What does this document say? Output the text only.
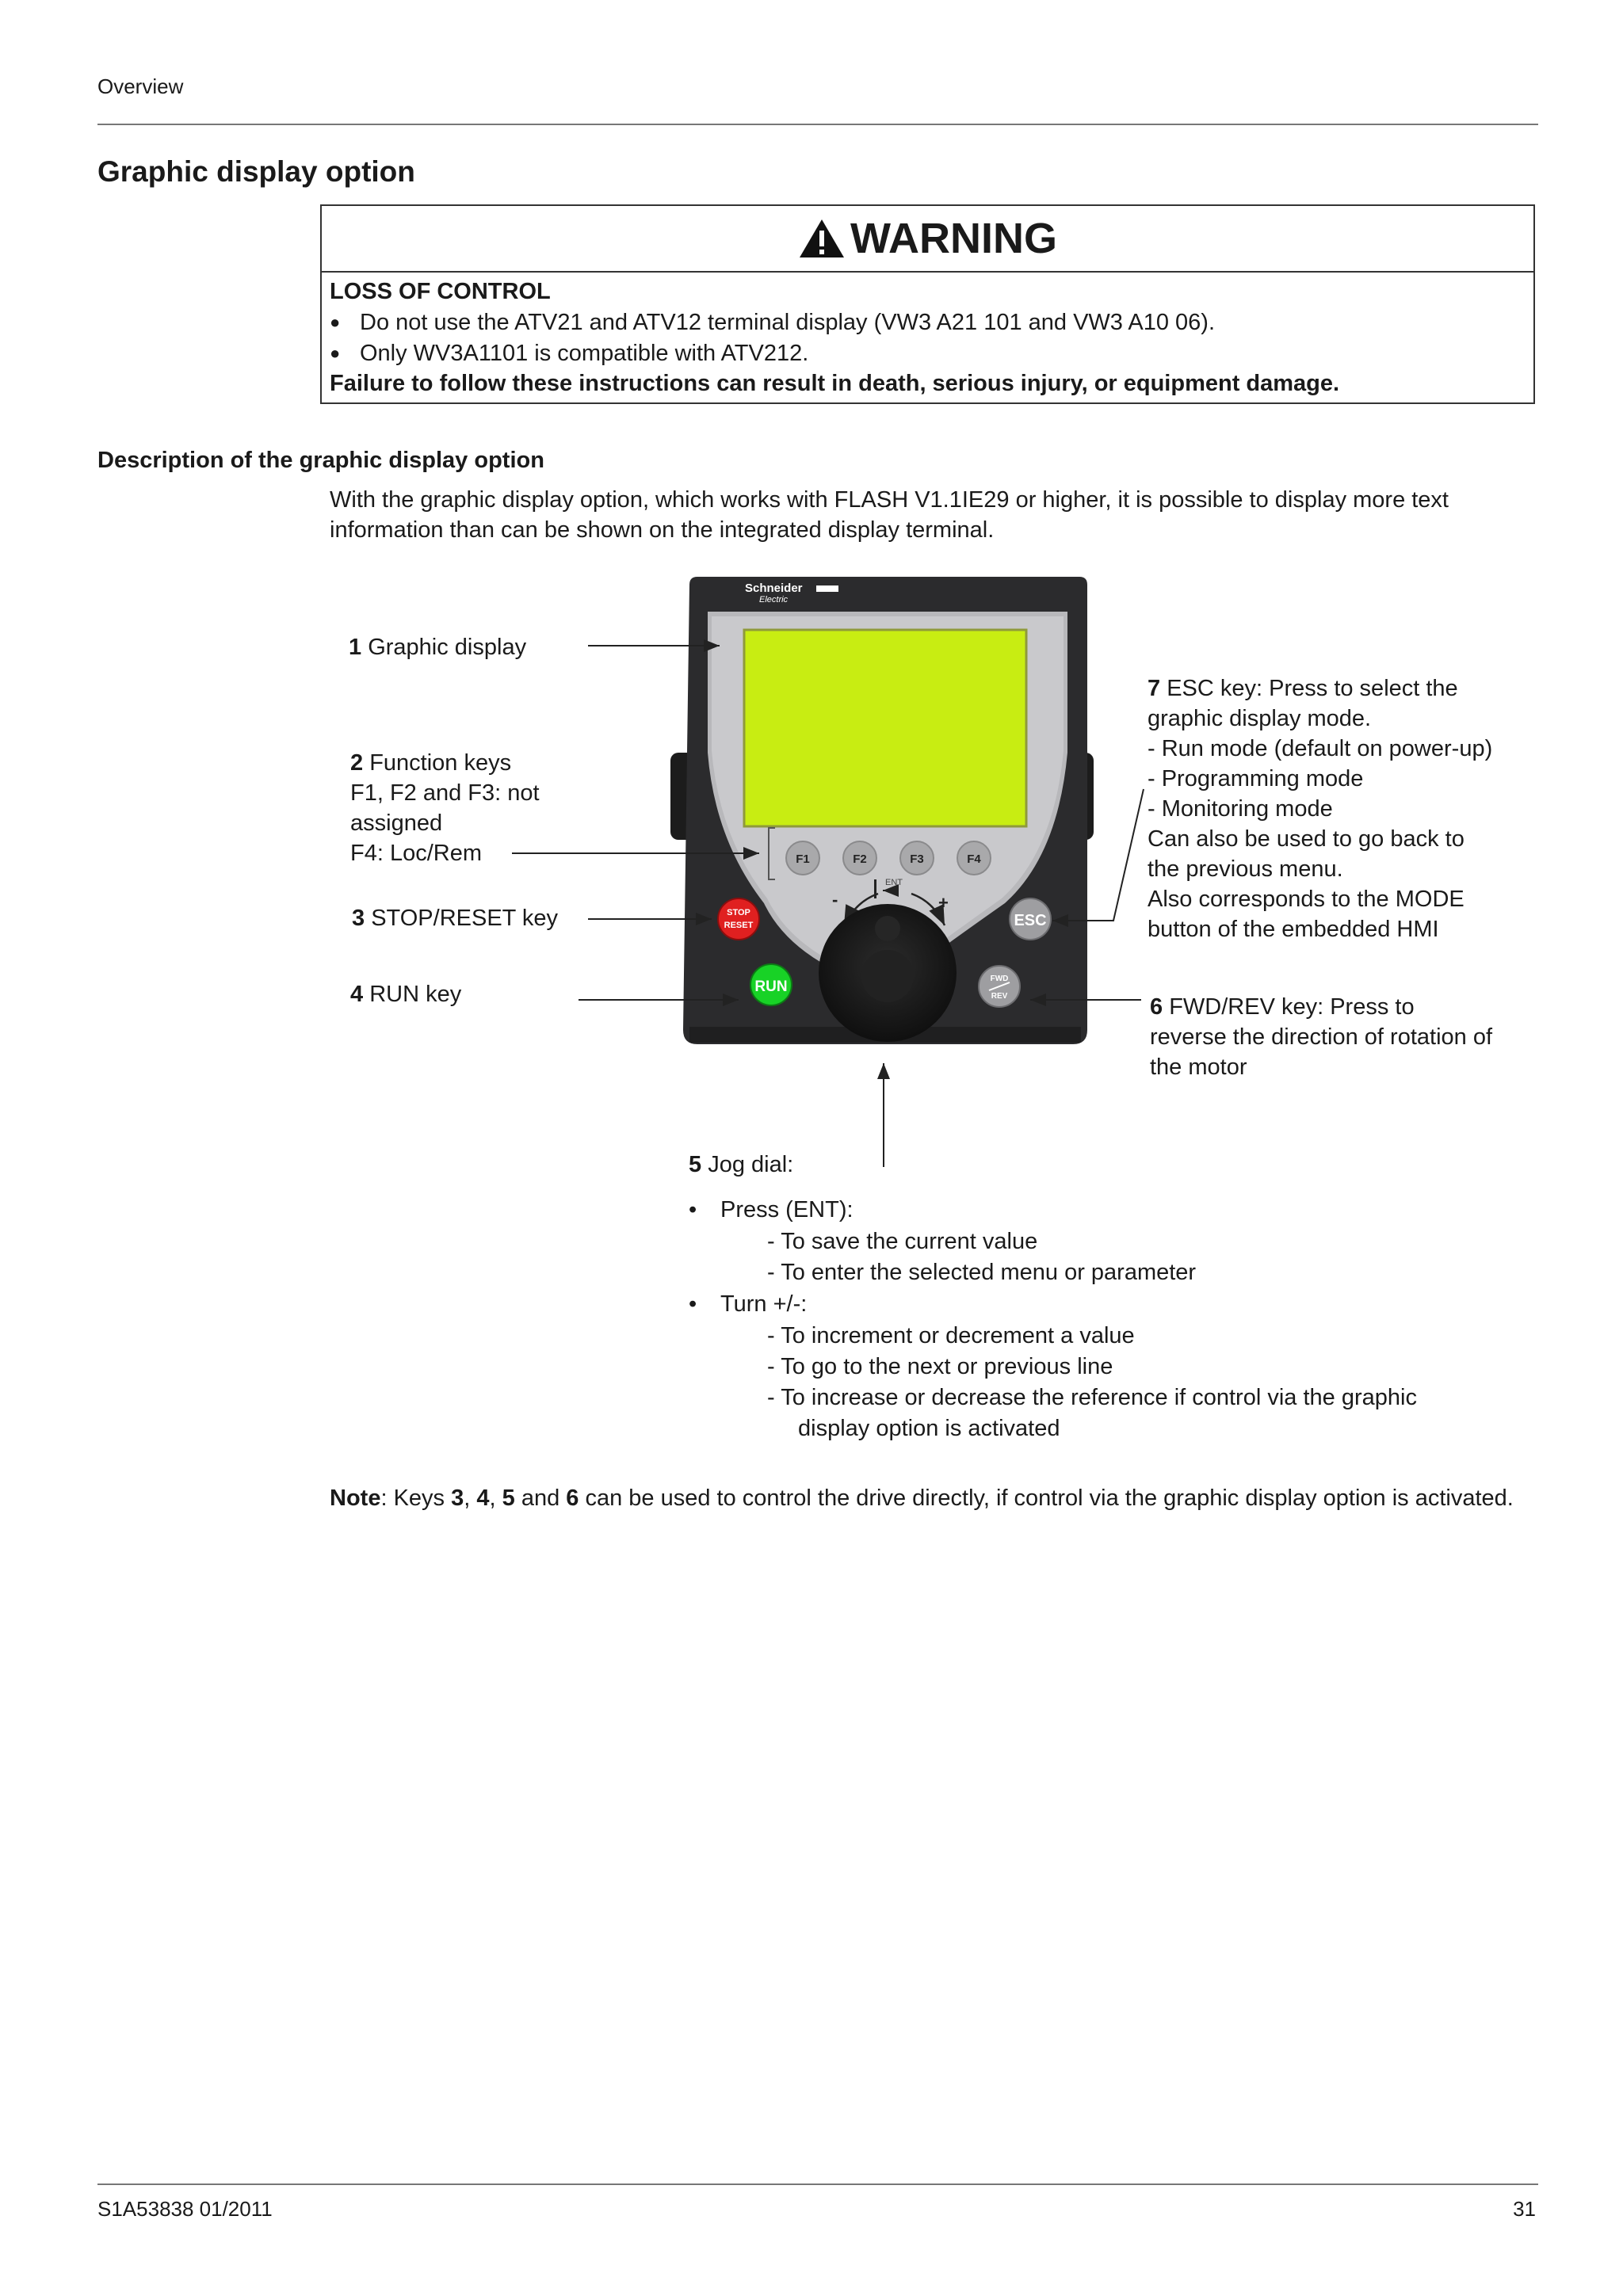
Overview
Graphic display option
WARNING
LOSS OF CONTROL
● Do not use the ATV21 and ATV12 terminal display (VW3 A21 101 and VW3 A10 06).
● Only WV3A1101 is compatible with ATV212.
Failure to follow these instructions can result in death, serious injury, or equipment damage.
Description of the graphic display option
With the graphic display option, which works with FLASH V1.1IE29 or higher, it is possible to display more text information than can be shown on the integrated display terminal.
Schneider
Electric
F1	F2	F3	F4
ENT
-	+
STOP
RESET
RUN
ESC
FWD
REV
1 Graphic display
2 Function keys
F1, F2 and F3: not
assigned
F4: Loc/Rem
3 STOP/RESET key
4 RUN key
7 ESC key: Press to select the
graphic display mode.
- Run mode (default on power-up)
- Programming mode
- Monitoring mode
Can also be used to go back to
the previous menu.
Also corresponds to the MODE
button of the embedded HMI
6 FWD/REV key: Press to
reverse the direction of rotation of
the motor
5 Jog dial:
• Press (ENT):
- To save the current value
- To enter the selected menu or parameter
• Turn +/-:
- To increment or decrement a value
- To go to the next or previous line
- To increase or decrease the reference if control via the graphic
display option is activated
Note: Keys 3, 4, 5 and 6 can be used to control the drive directly, if control via the graphic display option is activated.
S1A53838 01/2011	31
